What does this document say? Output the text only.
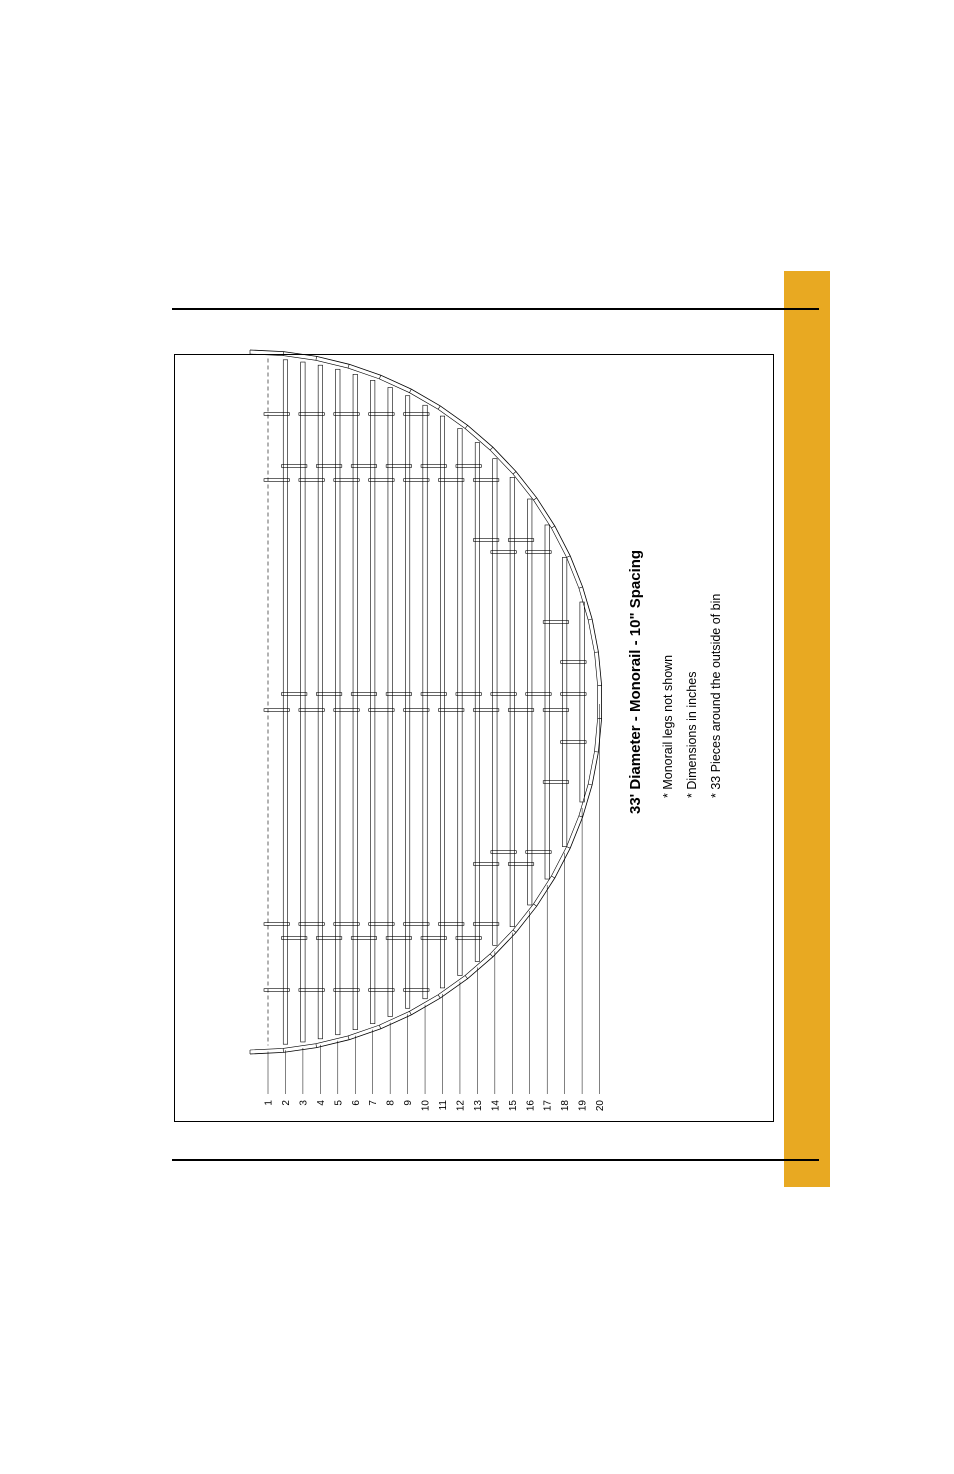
1 2 3 4 5 6 7 8 9 10 11 12 13 14 15 16 17 18 19 20
33' Diameter - Monorail - 10" Spacing * Monorail legs not shown * Dimensions in inches * 33 Pieces around the outside of bin
